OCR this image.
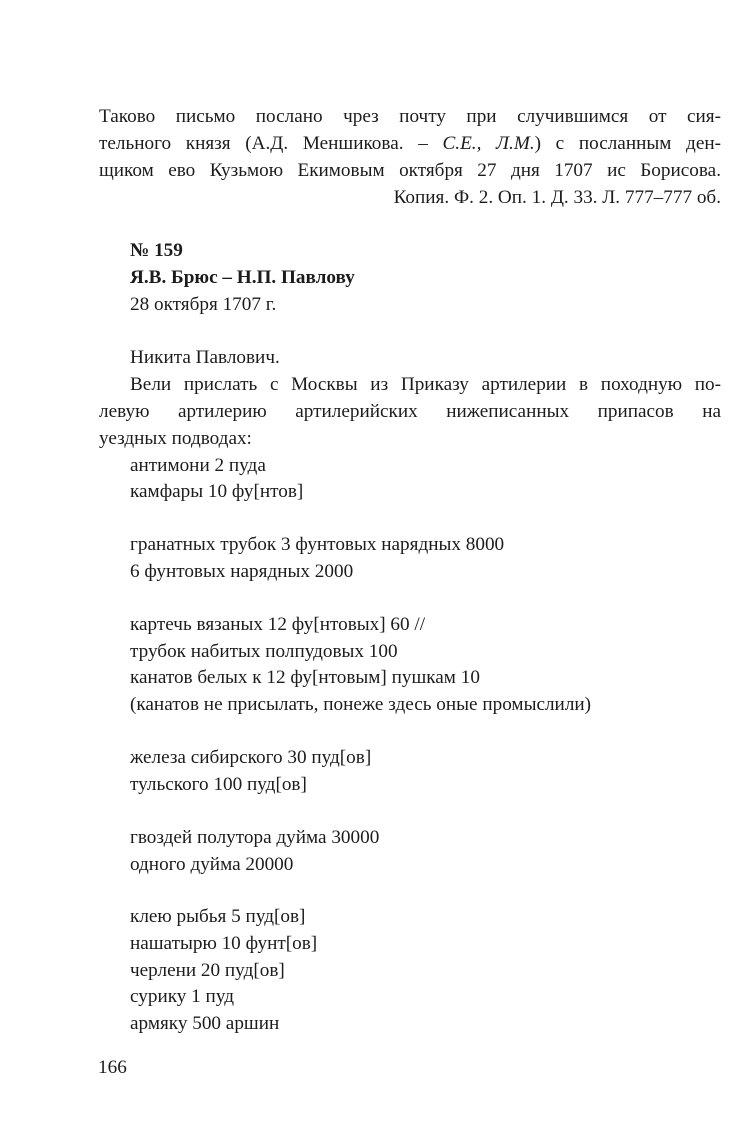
Таково письмо послано чрез почту при случившимся от сия-
тельного князя (А.Д. Меншикова. – С.Е., Л.М.) с посланным ден-
щиком ево Кузьмою Екимовым октября 27 дня 1707 ис Борисова.
Копия. Ф. 2. Оп. 1. Д. 33. Л. 777–777 об.
№ 159
Я.В. Брюс – Н.П. Павлову
28 октября 1707 г.
Никита Павлович.
Вели прислать с Москвы из Приказу артилерии в походную по-
левую артилерию артилерийских нижеписанных припасов на
уездных подводах:
антимони 2 пуда
камфары 10 фу[нтов]
гранатных трубок 3 фунтовых нарядных 8000
6 фунтовых нарядных 2000
картечь вязаных 12 фу[нтовых] 60 //
трубок набитых полпудовых 100
канатов белых к 12 фу[нтовым] пушкам 10
(канатов не присылать, понеже здесь оные промыслили)
железа сибирского 30 пуд[ов]
тульского 100 пуд[ов]
гвоздей полутора дуйма 30000
одного дуйма 20000
клею рыбья 5 пуд[ов]
нашатырю 10 фунт[ов]
черлени 20 пуд[ов]
сурику 1 пуд
армяку 500 аршин
166
